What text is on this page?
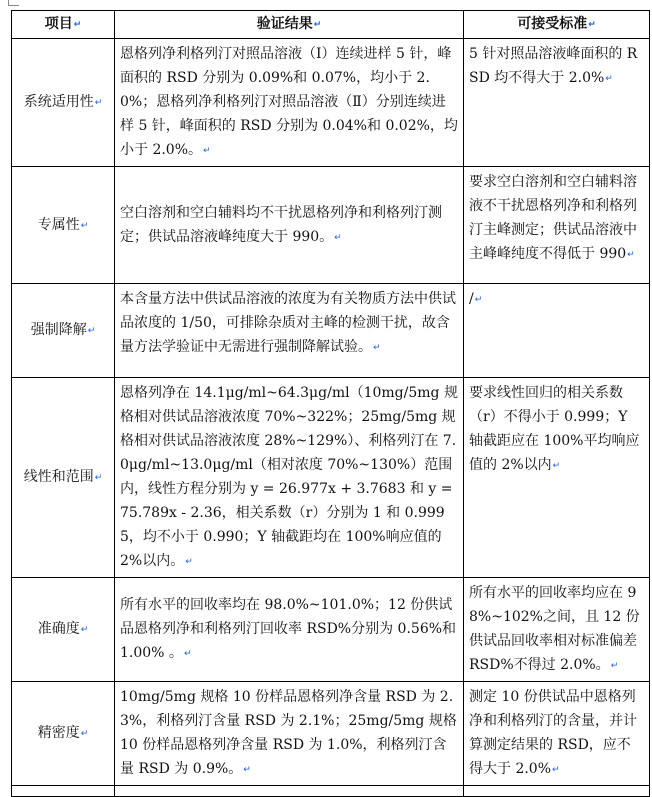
项目↵	验证结果↵	可接受标准↵
系统适用性↵	恩格列净利格列汀对照品溶液（Ⅰ）连续进样 5 针，峰面积的 RSD 分别为 0.09%和 0.07%，均小于 2.0%；恩格列净利格列汀对照品溶液（Ⅱ）分别连续进样 5 针，峰面积的 RSD 分别为 0.04%和 0.02%，均小于 2.0%。↵	5 针对照品溶液峰面积的 RSD 均不得大于 2.0%↵
专属性↵	空白溶剂和空白辅料均不干扰恩格列净和利格列汀测定；供试品溶液峰纯度大于 990。↵	要求空白溶剂和空白辅料溶液不干扰恩格列净和利格列汀主峰测定；供试品溶液中主峰峰纯度不得低于 990↵
强制降解↵	本含量方法中供试品溶液的浓度为有关物质方法中供试品浓度的 1/50，可排除杂质对主峰的检测干扰，故含量方法学验证中无需进行强制降解试验。↵	/↵
线性和范围↵	恩格列净在 14.1μg/ml~64.3μg/ml（10mg/5mg 规格相对供试品溶液浓度 70%~322%；25mg/5mg 规格相对供试品溶液浓度 28%~129%）、利格列汀在 7.0μg/ml~13.0μg/ml（相对浓度 70%~130%）范围内，线性方程分别为 y = 26.977x + 3.7683 和 y = 75.789x - 2.36，相关系数（r）分别为 1 和 0.9995，均不小于 0.990；Y 轴截距均在 100%响应值的 2%以内。↵	要求线性回归的相关系数（r）不得小于 0.999；Y 轴截距应在 100%平均响应值的 2%以内↵
准确度↵	所有水平的回收率均在 98.0%~101.0%；12 份供试品恩格列净和利格列汀回收率 RSD%分别为 0.56%和 1.00% 。↵	所有水平的回收率均应在 98%~102%之间，且 12 份供试品回收率相对标准偏差 RSD%不得过 2.0%。↵
精密度↵	10mg/5mg 规格 10 份样品恩格列净含量 RSD 为 2.3%，利格列汀含量 RSD 为 2.1%；25mg/5mg 规格 10 份样品恩格列净含量 RSD 为 1.0%，利格列汀含量 RSD 为 0.9%。↵	测定 10 份供试品中恩格列净和利格列汀的含量，并计算测定结果的 RSD，应不得大于 2.0%↵
